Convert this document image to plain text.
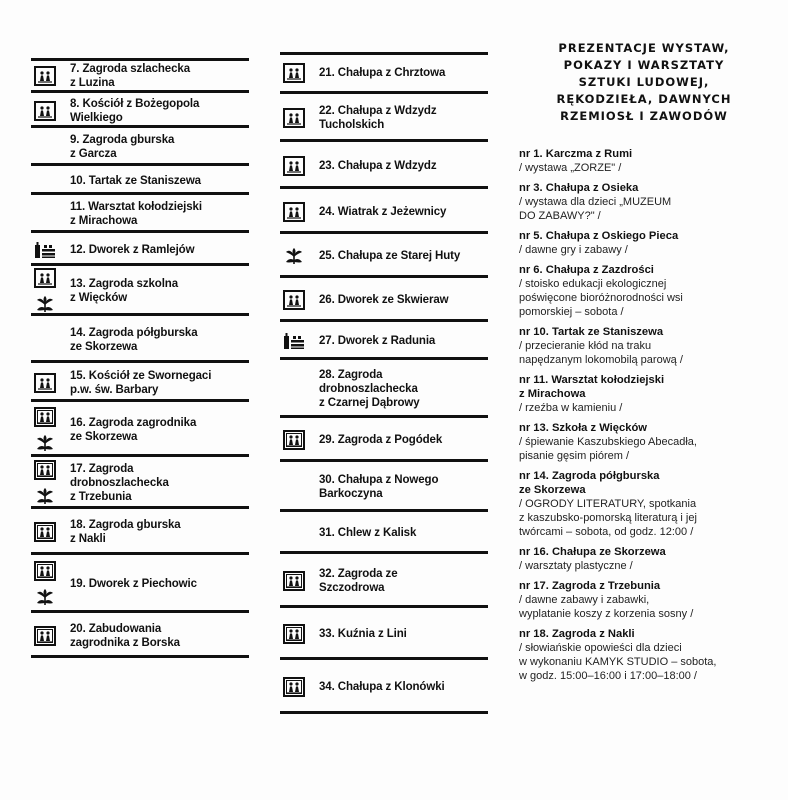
7. Zagroda szlachecka
z Luzina
8. Kościół z Bożegopola
Wielkiego
9. Zagroda gburska
z Garcza
10. Tartak ze Staniszewa
11. Warsztat kołodziejski
z Mirachowa
12. Dworek z Ramlejów
13. Zagroda szkolna
z Więcków
14. Zagroda półgburska
ze Skorzewa
15. Kościół ze Swornegaci
p.w. św. Barbary
16. Zagroda zagrodnika
ze Skorzewa
17. Zagroda
drobnoszlachecka
z Trzebunia
18. Zagroda gburska
z Nakli
19. Dworek z Piechowic
20. Zabudowania
zagrodnika z Borska
21. Chałupa z Chrztowa
22. Chałupa z Wdzydz
Tucholskich
23. Chałupa z Wdzydz
24. Wiatrak z Jeżewnicy
25. Chałupa ze Starej Huty
26. Dworek ze Skwieraw
27. Dworek z Radunia
28. Zagroda
drobnoszlachecka
z Czarnej Dąbrowy
29. Zagroda z Pogódek
30. Chałupa z Nowego
Barkoczyna
31. Chlew z Kalisk
32. Zagroda ze
Szczodrowa
33. Kuźnia z Lini
34. Chałupa z Klonówki
PREZENTACJE WYSTAW,
POKAZY I WARSZTATY
SZTUKI LUDOWEJ,
RĘKODZIEŁA, DAWNYCH
RZEMIOSŁ I ZAWODÓW
nr 1. Karczma z Rumi
/ wystawa „ZORZE" /
nr 3. Chałupa z Osieka
/ wystawa dla dzieci „MUZEUM
DO ZABAWY?" /
nr 5. Chałupa z Oskiego Pieca
/ dawne gry i zabawy /
nr 6. Chałupa z Zazdrości
/ stoisko edukacji ekologicznej
poświęcone bioróżnorodności wsi
pomorskiej – sobota /
nr 10. Tartak ze Staniszewa
/ przecieranie kłód na traku
napędzanym lokomobilą parową /
nr 11. Warsztat kołodziejski
z Mirachowa
/ rzeźba w kamieniu /
nr 13. Szkoła z Więcków
/ śpiewanie Kaszubskiego Abecadła,
pisanie gęsim piórem /
nr 14. Zagroda półgburska
ze Skorzewa
/ OGRODY LITERATURY, spotkania
z kaszubsko-pomorską literaturą i jej
twórcami – sobota, od godz. 12:00 /
nr 16. Chałupa ze Skorzewa
/ warsztaty plastyczne /
nr 17. Zagroda z Trzebunia
/ dawne zabawy i zabawki,
wyplatanie koszy z korzenia sosny /
nr 18. Zagroda z Nakli
/ słowiańskie opowieści dla dzieci
w wykonaniu KAMYK STUDIO – sobota,
w godz. 15:00–16:00 i 17:00–18:00 /
